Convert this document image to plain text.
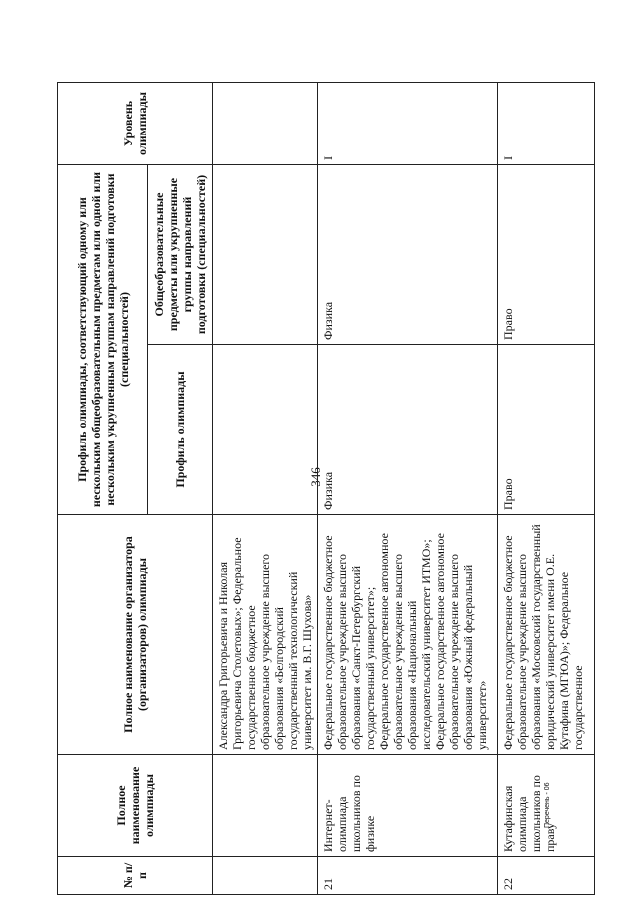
346
№ п/п	Полное наименование олимпиады	Полное наименование организатора (организаторов) олимпиады	Профиль олимпиады, соответствующий одному или нескольким общеобразовательным предметам или одной или нескольким укрупненным группам направлений подготовки (специальностей)		Уровень олимпиады
			Профиль олимпиады	Общеобразовательные предметы или укрупненные группы направлений подготовки (специальностей)	
		Александра Григорьевича и Николая Григорьевича Столетовых»; Федеральное государственное бюджетное образовательное учреждение высшего образования «Белгородский государственный технологический университет им. В.Г. Шухова»			
21	Интернет-олимпиада школьников по физике	Федеральное государственное бюджетное образовательное учреждение высшего образования «Санкт-Петербургский государственный университет»; Федеральное государственное автономное образовательное учреждение высшего образования «Национальный исследовательский университет ИТМО»; Федеральное государственное автономное образовательное учреждение высшего образования «Южный федеральный университет»	Физика	Физика	I
22	Кутафинская олимпиада школьников по праву	Федеральное государственное бюджетное образовательное учреждение высшего образования «Московский государственный юридический университет имени О.Е. Кутафина (МГЮА)»; Федеральное государственное	Право	Право	I
Перечень - 06
